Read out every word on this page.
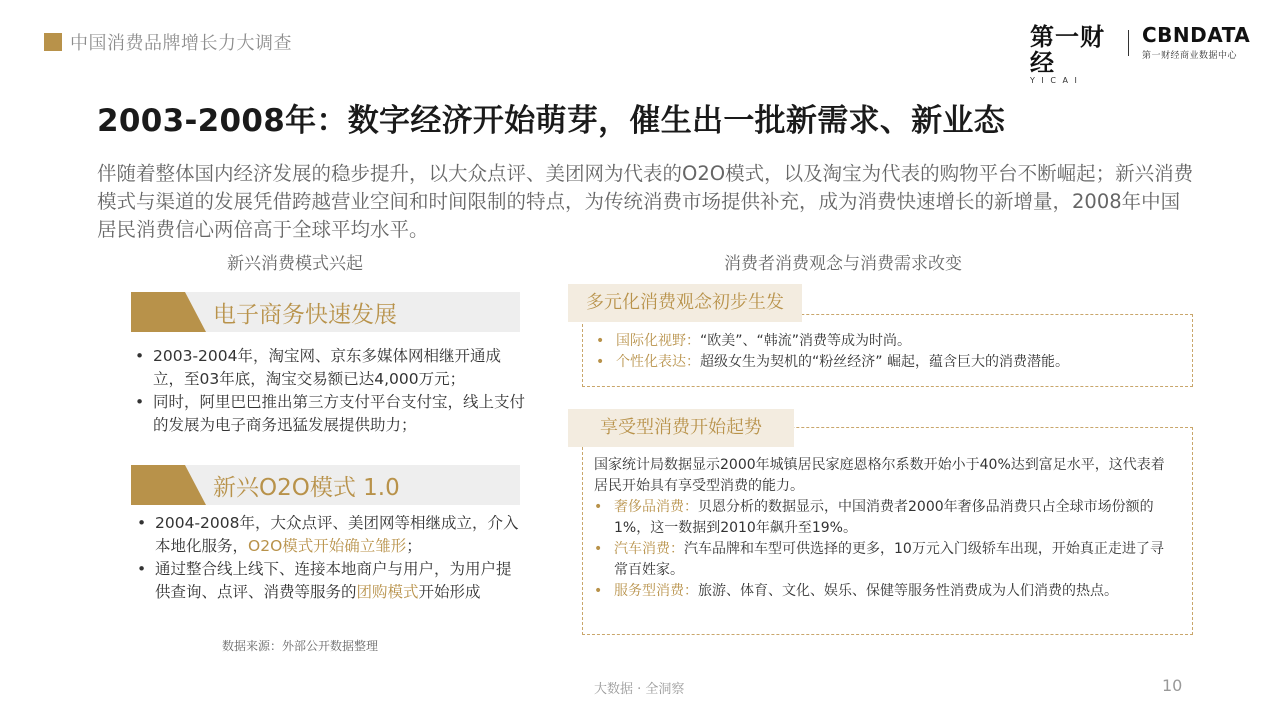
中国消费品牌增长力大调查	第一财经
Y I C A I
CBNDATA
第一财经商业数据中心
2003-2008年：数字经济开始萌芽，催生出一批新需求、新业态
伴随着整体国内经济发展的稳步提升，以大众点评、美团网为代表的O2O模式，以及淘宝为代表的购物平台不断崛起；新兴消费模式与渠道的发展凭借跨越营业空间和时间限制的特点，为传统消费市场提供补充，成为消费快速增长的新增量，2008年中国居民消费信心两倍高于全球平均水平。
新兴消费模式兴起
电子商务快速发展
• 2003-2004年，淘宝网、京东多媒体网相继开通成立，至03年底，淘宝交易额已达4,000万元；
• 同时，阿里巴巴推出第三方支付平台支付宝，线上支付的发展为电子商务迅猛发展提供助力；
新兴O2O模式 1.0
• 2004-2008年，大众点评、美团网等相继成立，介入本地化服务，O2O模式开始确立雏形；
• 通过整合线上线下、连接本地商户与用户，为用户提供查询、点评、消费等服务的团购模式开始形成
数据来源：外部公开数据整理
消费者消费观念与消费需求改变
多元化消费观念初步生发
• 国际化视野：“欧美”、“韩流”消费等成为时尚。
• 个性化表达：超级女生为契机的“粉丝经济” 崛起，蕴含巨大的消费潜能。
享受型消费开始起势
国家统计局数据显示2000年城镇居民家庭恩格尔系数开始小于40%达到富足水平，这代表着居民开始具有享受型消费的能力。
• 奢侈品消费：贝恩分析的数据显示，中国消费者2000年奢侈品消费只占全球市场份额的1%，这一数据到2010年飙升至19%。
• 汽车消费：汽车品牌和车型可供选择的更多，10万元入门级轿车出现，开始真正走进了寻常百姓家。
• 服务型消费：旅游、体育、文化、娱乐、保健等服务性消费成为人们消费的热点。
大数据 · 全洞察	10
